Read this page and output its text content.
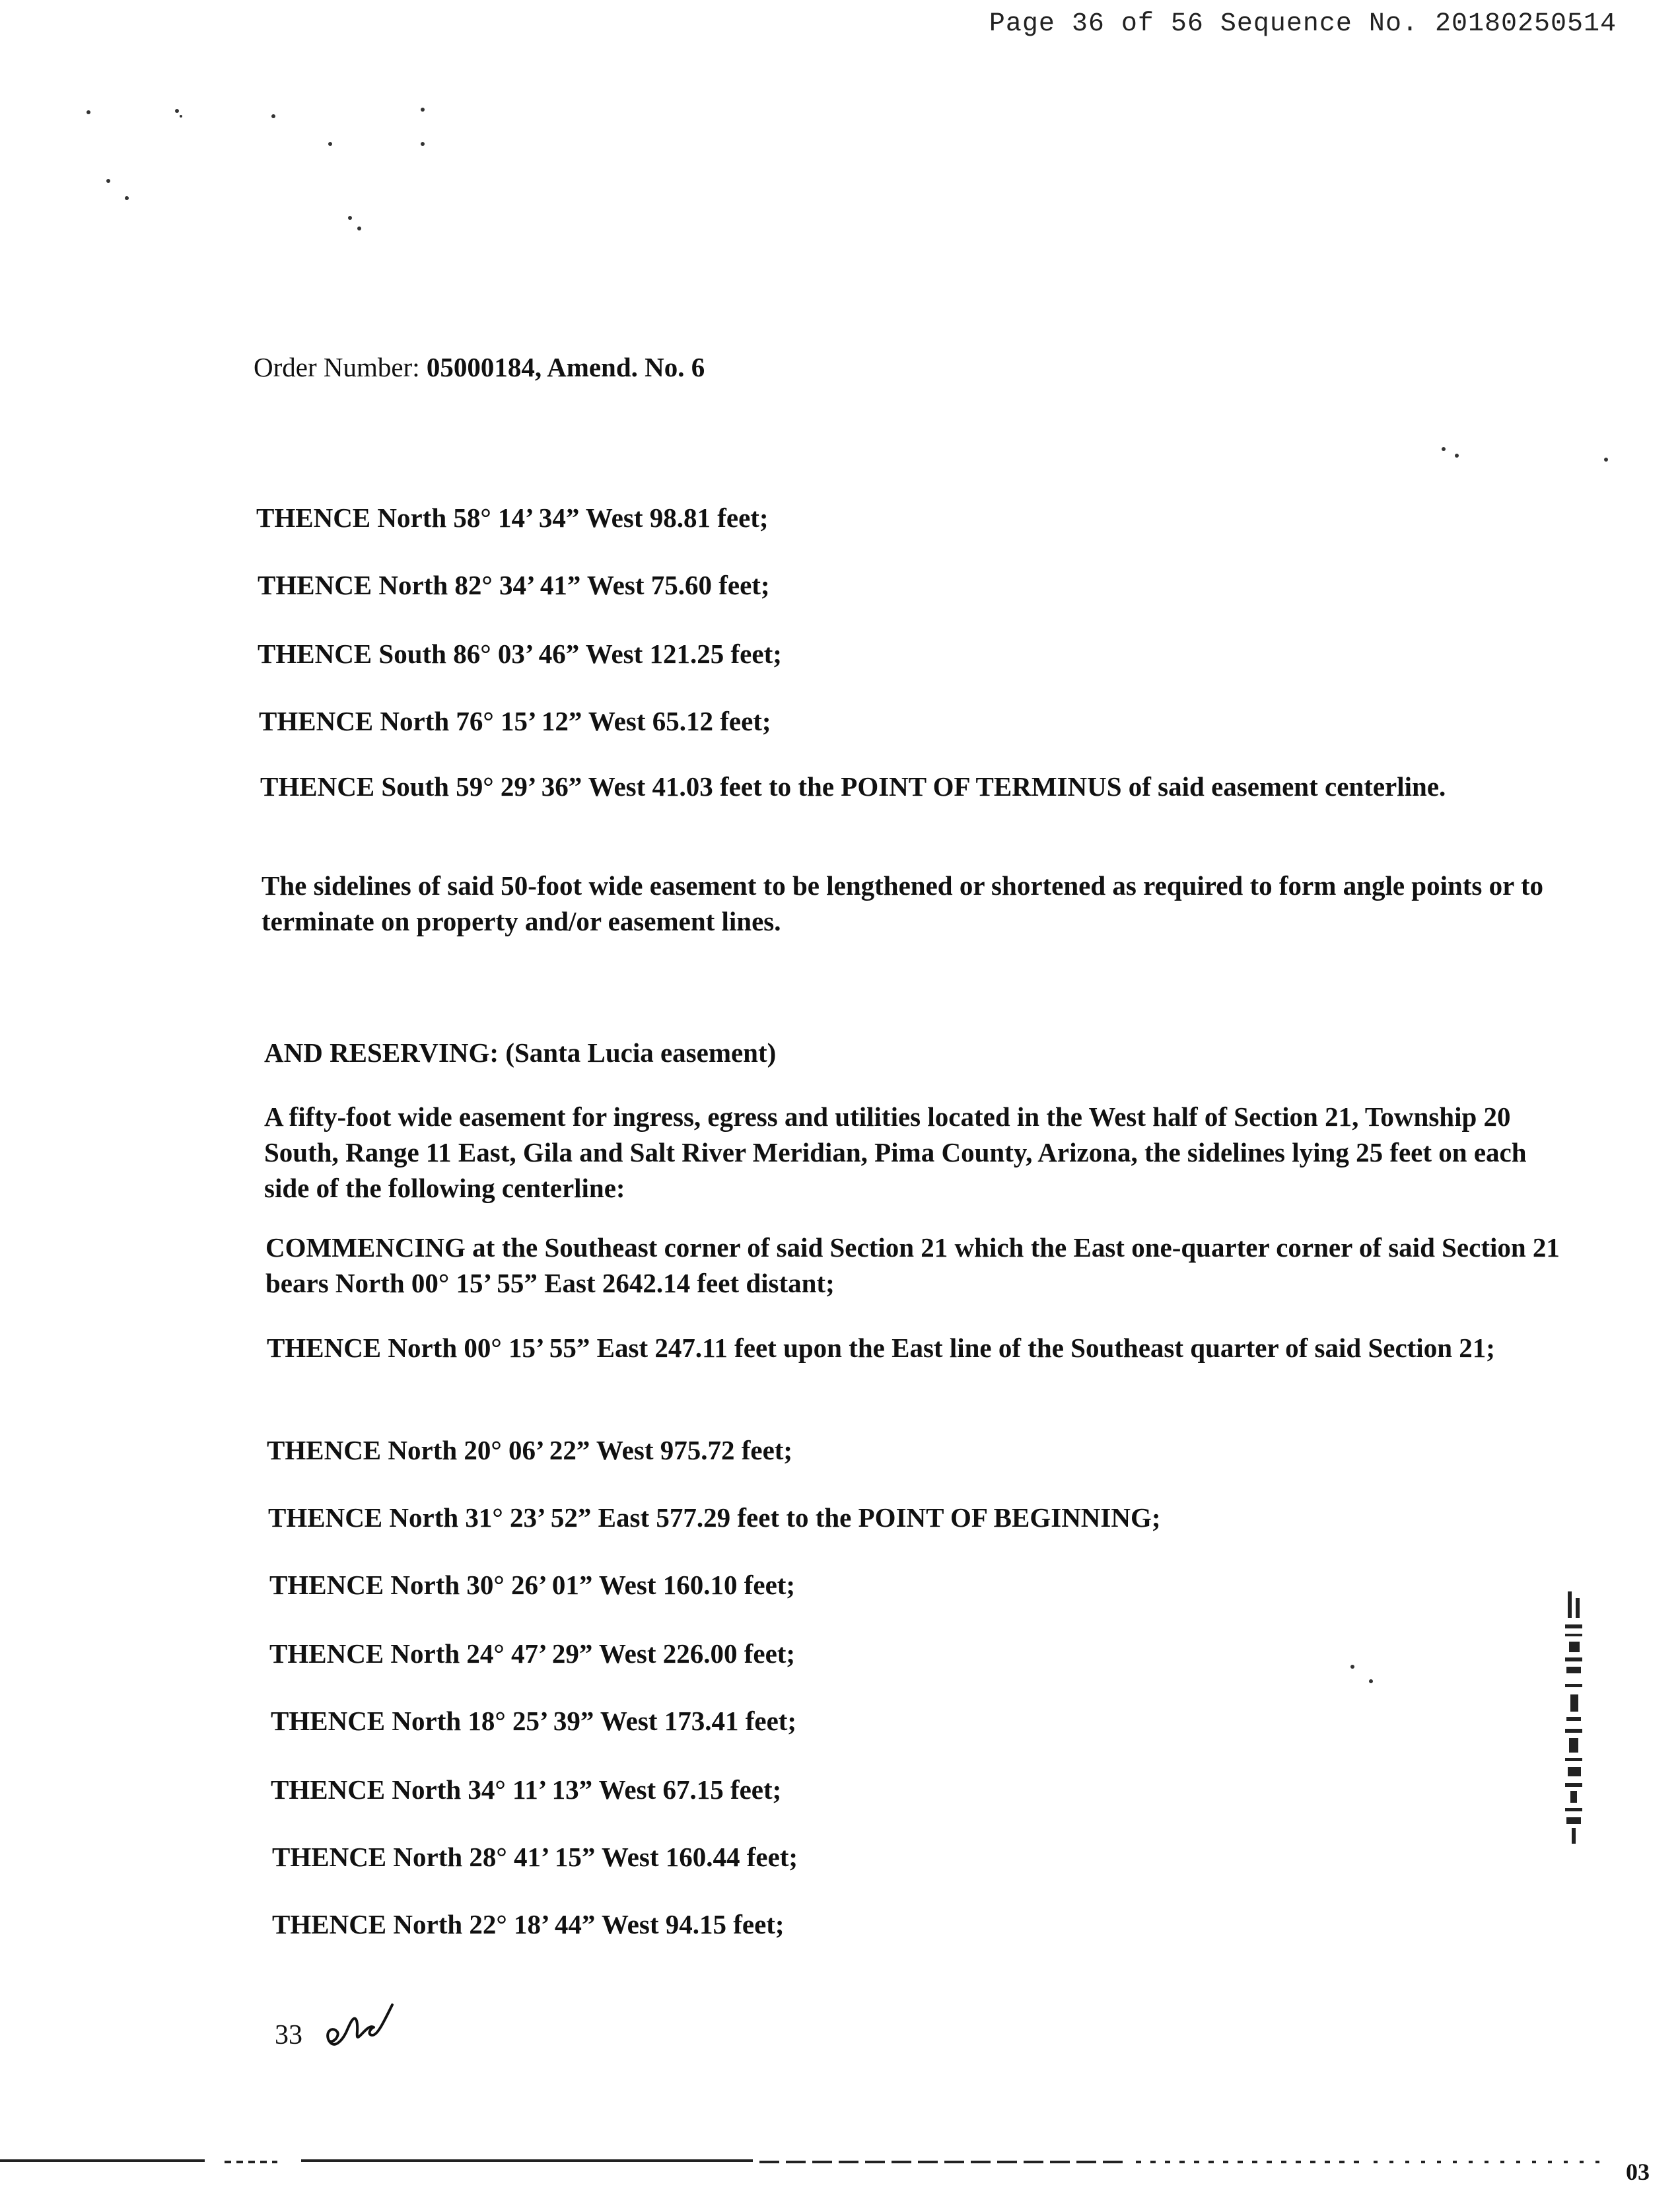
Page 36 of 56 Sequence No. 20180250514
Order Number: 05000184, Amend. No. 6
THENCE North 58° 14’ 34” West 98.81 feet;
THENCE North 82° 34’ 41” West 75.60 feet;
THENCE South 86° 03’ 46” West 121.25 feet;
THENCE North 76° 15’ 12” West 65.12 feet;
THENCE South 59° 29’ 36” West 41.03 feet to the POINT OF TERMINUS of said easement centerline.
The sidelines of said 50-foot wide easement to be lengthened or shortened as required to form angle points or to terminate on property and/or easement lines.
AND RESERVING: (Santa Lucia easement)
A fifty-foot wide easement for ingress, egress and utilities located in the West half of Section 21, Township 20 South, Range 11 East, Gila and Salt River Meridian, Pima County, Arizona, the sidelines lying 25 feet on each side of the following centerline:
COMMENCING at the Southeast corner of said Section 21 which the East one-quarter corner of said Section 21 bears North 00° 15’ 55” East 2642.14 feet distant;
THENCE North 00° 15’ 55” East 247.11 feet upon the East line of the Southeast quarter of said Section 21;
THENCE North 20° 06’ 22” West 975.72 feet;
THENCE North 31° 23’ 52” East 577.29 feet to the POINT OF BEGINNING;
THENCE North 30° 26’ 01” West 160.10 feet;
THENCE North 24° 47’ 29” West 226.00 feet;
THENCE North 18° 25’ 39” West 173.41 feet;
THENCE North 34° 11’ 13” West 67.15 feet;
THENCE North 28° 41’ 15” West 160.44 feet;
THENCE North 22° 18’ 44” West 94.15 feet;
33
03
